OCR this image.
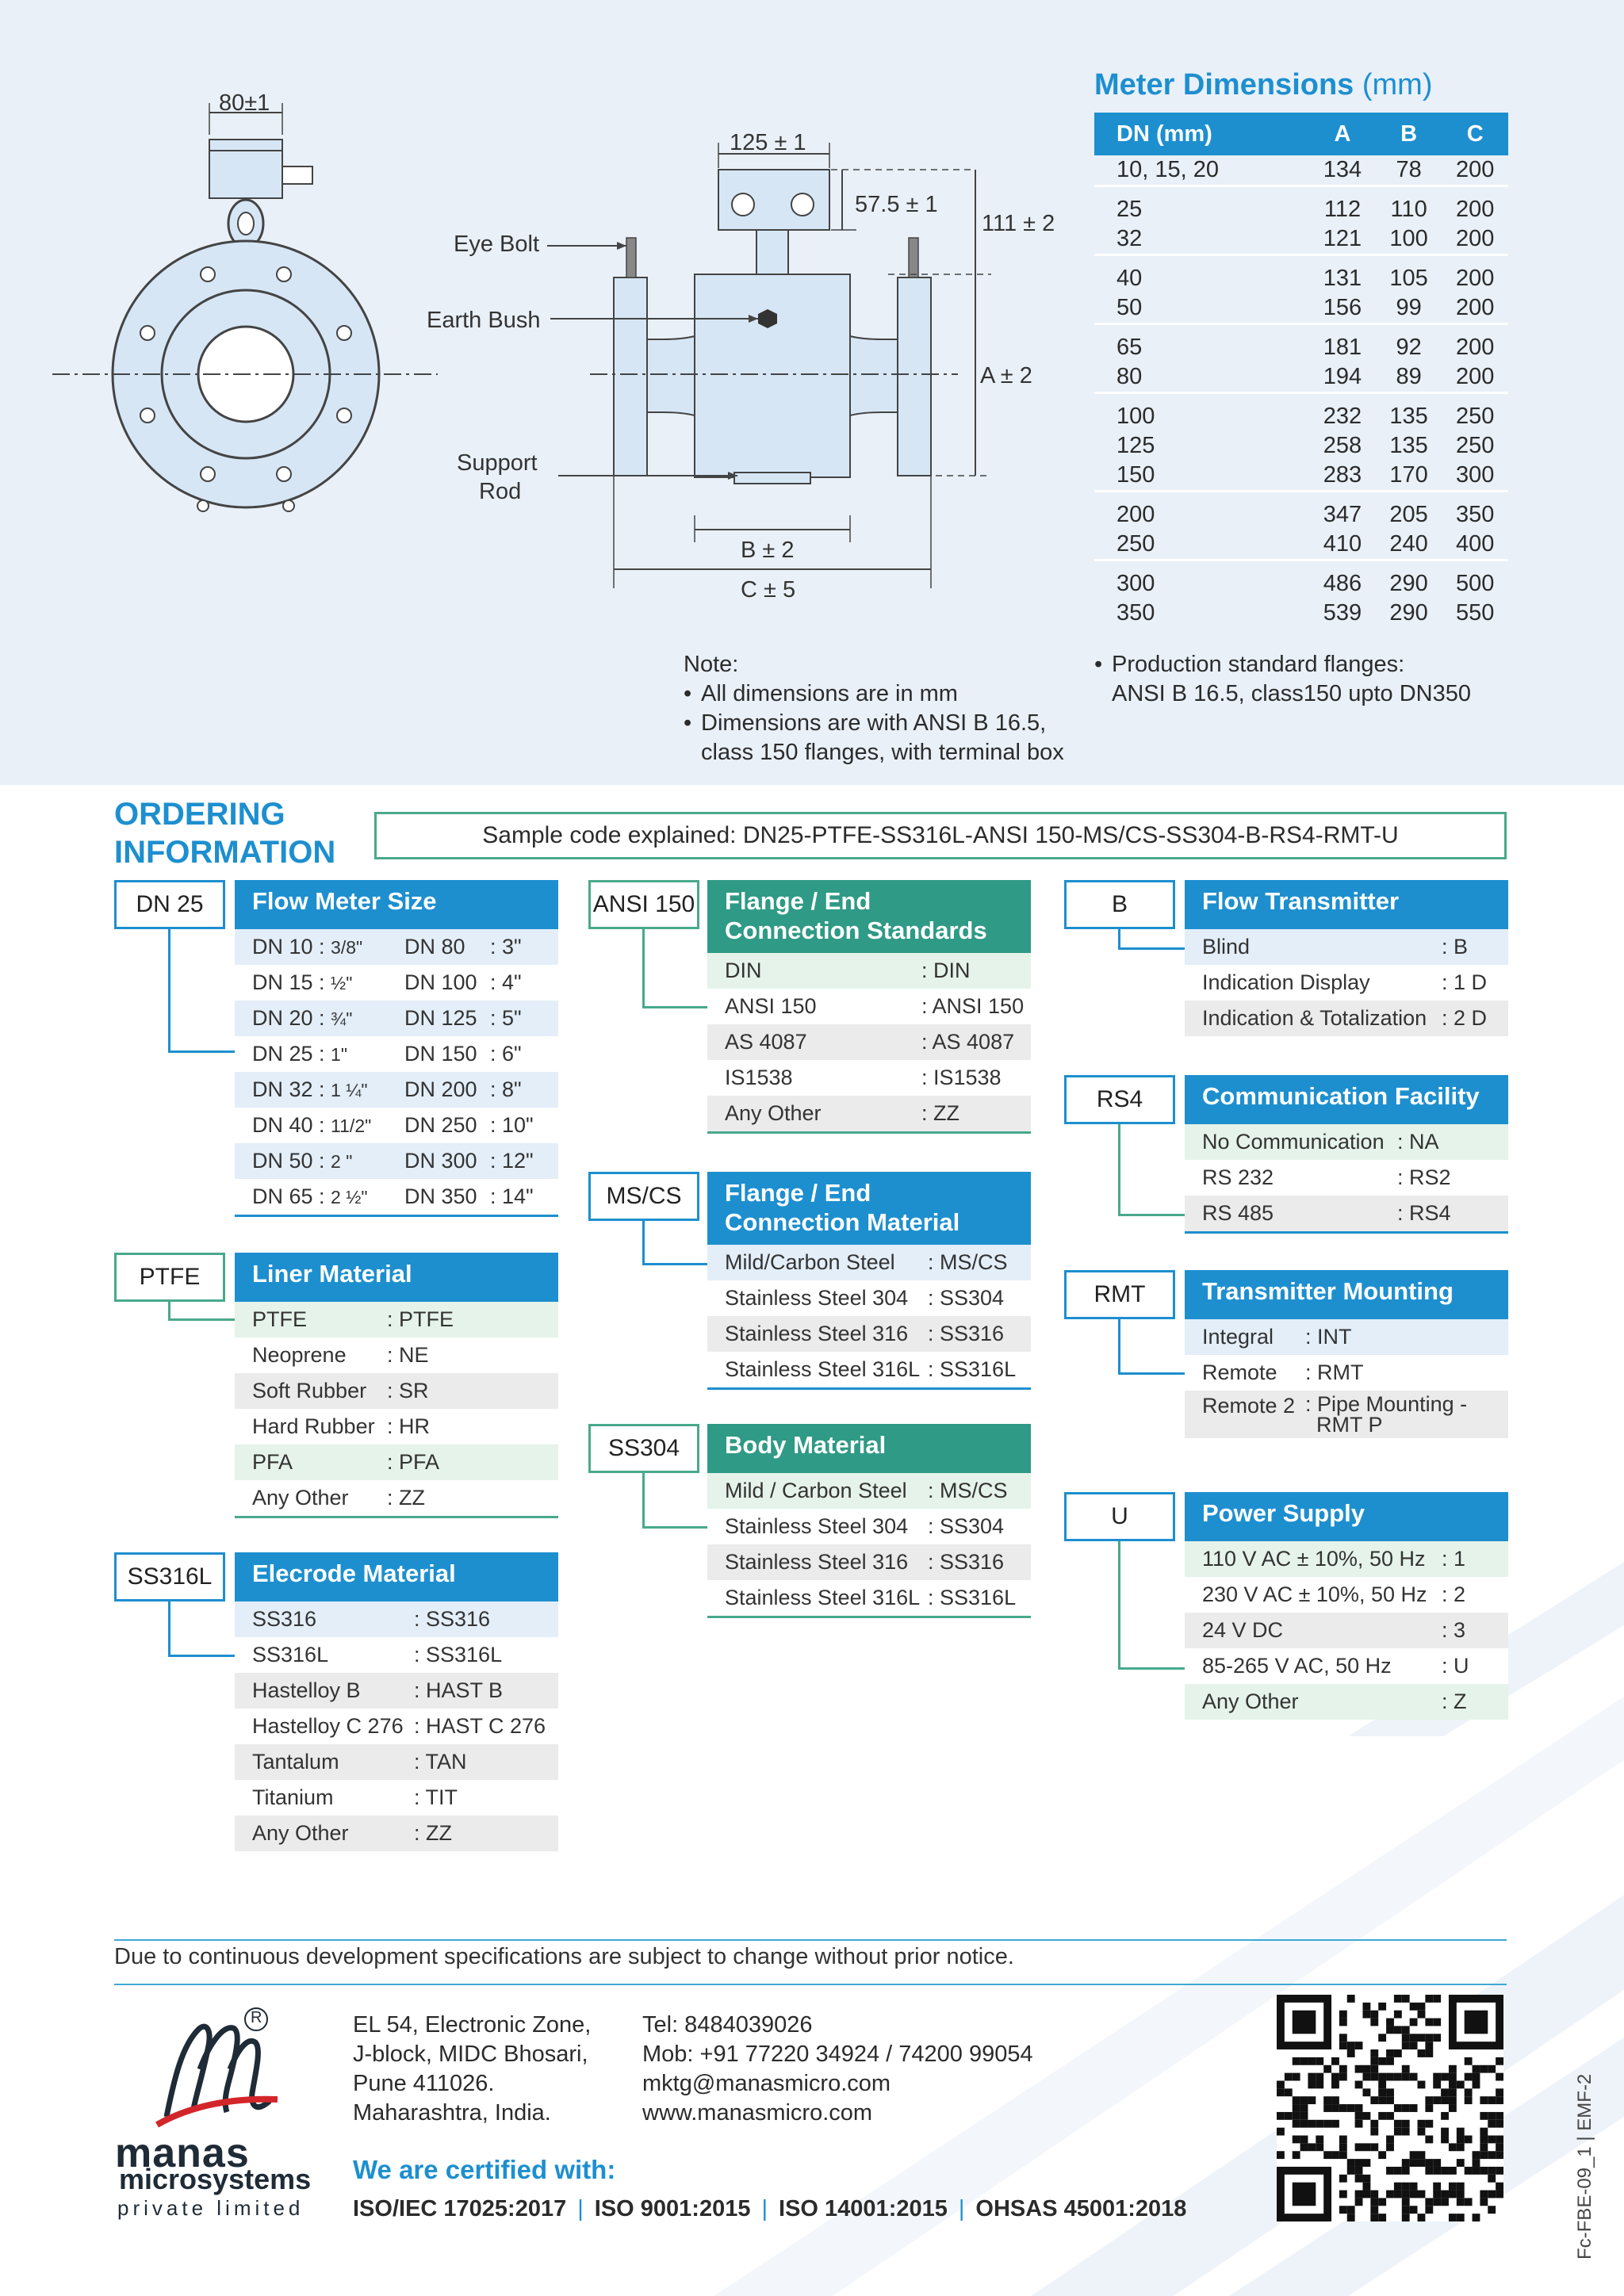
80±1
125 ± 1
57.5 ± 1
111 ± 2
A ± 2
B ± 2
C ± 5
Eye Bolt
Earth Bush
Support
Rod
Meter Dimensions (mm)
DN (mm)	A	B	C
10, 15, 20	134	78	200
25	112	110	200
32	121	100	200
40	131	105	200
50	156	99	200
65	181	92	200
80	194	89	200
100	232	135	250
125	258	135	250
150	283	170	300
200	347	205	350
250	410	240	400
300	486	290	500
350	539	290	550
• Production standard flanges:
ANSI B 16.5, class150 upto DN350
Note:
• All dimensions are in mm
• Dimensions are with ANSI B 16.5,
class 150 flanges, with terminal box
ORDERING
INFORMATION	Sample code explained: DN25-PTFE-SS316L-ANSI 150-MS/CS-SS304-B-RS4-RMT-U
DN 25	Flow Meter Size
DN 10 : 3/8"	DN 80	: 3"
DN 15 : ½"	DN 100 : 4"
DN 20 : ¾"	DN 125 : 5"
DN 25 : 1"	DN 150 : 6"
DN 32 : 1 ¼"	DN 200 : 8"
DN 40 : 11/2"	DN 250 : 10"
DN 50 : 2 "	DN 300 : 12"
DN 65 : 2 ½"	DN 350 : 14"
PTFE	Liner Material
PTFE	: PTFE
Neoprene	: NE
Soft Rubber : SR
Hard Rubber : HR
PFA	: PFA
Any Other	: ZZ
SS316L	Elecrode Material
SS316	: SS316
SS316L	: SS316L
Hastelloy B	: HAST B
Hastelloy C 276 : HAST C 276
Tantalum	: TAN
Titanium	: TIT
Any Other	: ZZ
ANSI 150 Flange / End
Connection Standards
DIN	: DIN
ANSI 150	: ANSI 150
AS 4087	: AS 4087
IS1538	: IS1538
Any Other	: ZZ
MS/CS	Flange / End
Connection Material
Mild/Carbon Steel	: MS/CS
Stainless Steel 304 : SS304
Stainless Steel 316 : SS316
Stainless Steel 316L : SS316L
SS304	Body Material
Mild / Carbon Steel : MS/CS
Stainless Steel 304 : SS304
Stainless Steel 316 : SS316
Stainless Steel 316L : SS316L
B	Flow Transmitter
Blind	: B
Indication Display	: 1 D
Indication & Totalization : 2 D
RS4	Communication Facility
No Communication : NA
RS 232	: RS2
RS 485	: RS4
RMT	Transmitter Mounting
Integral	: INT
Remote	: RMT
Remote 2 : Pipe Mounting -
RMT P
U	Power Supply
110 V AC ± 10%, 50 Hz : 1
230 V AC ± 10%, 50 Hz : 2
24 V DC	: 3
85-265 V AC, 50 Hz	: U
Any Other	: Z
Due to continuous development specifications are subject to change without prior notice.
R
manas
microsystems
private limited
EL 54, Electronic Zone,
J-block, MIDC Bhosari,
Pune 411026.
Maharashtra, India.
Tel: 8484039026
Mob: +91 77220 34924 / 74200 99054
mktg@manasmicro.com
www.manasmicro.com
We are certified with:
ISO/IEC 17025:2017 | ISO 9001:2015 | ISO 14001:2015 | OHSAS 45001:2018	Fc-FBE-09_1 | EMF-2
